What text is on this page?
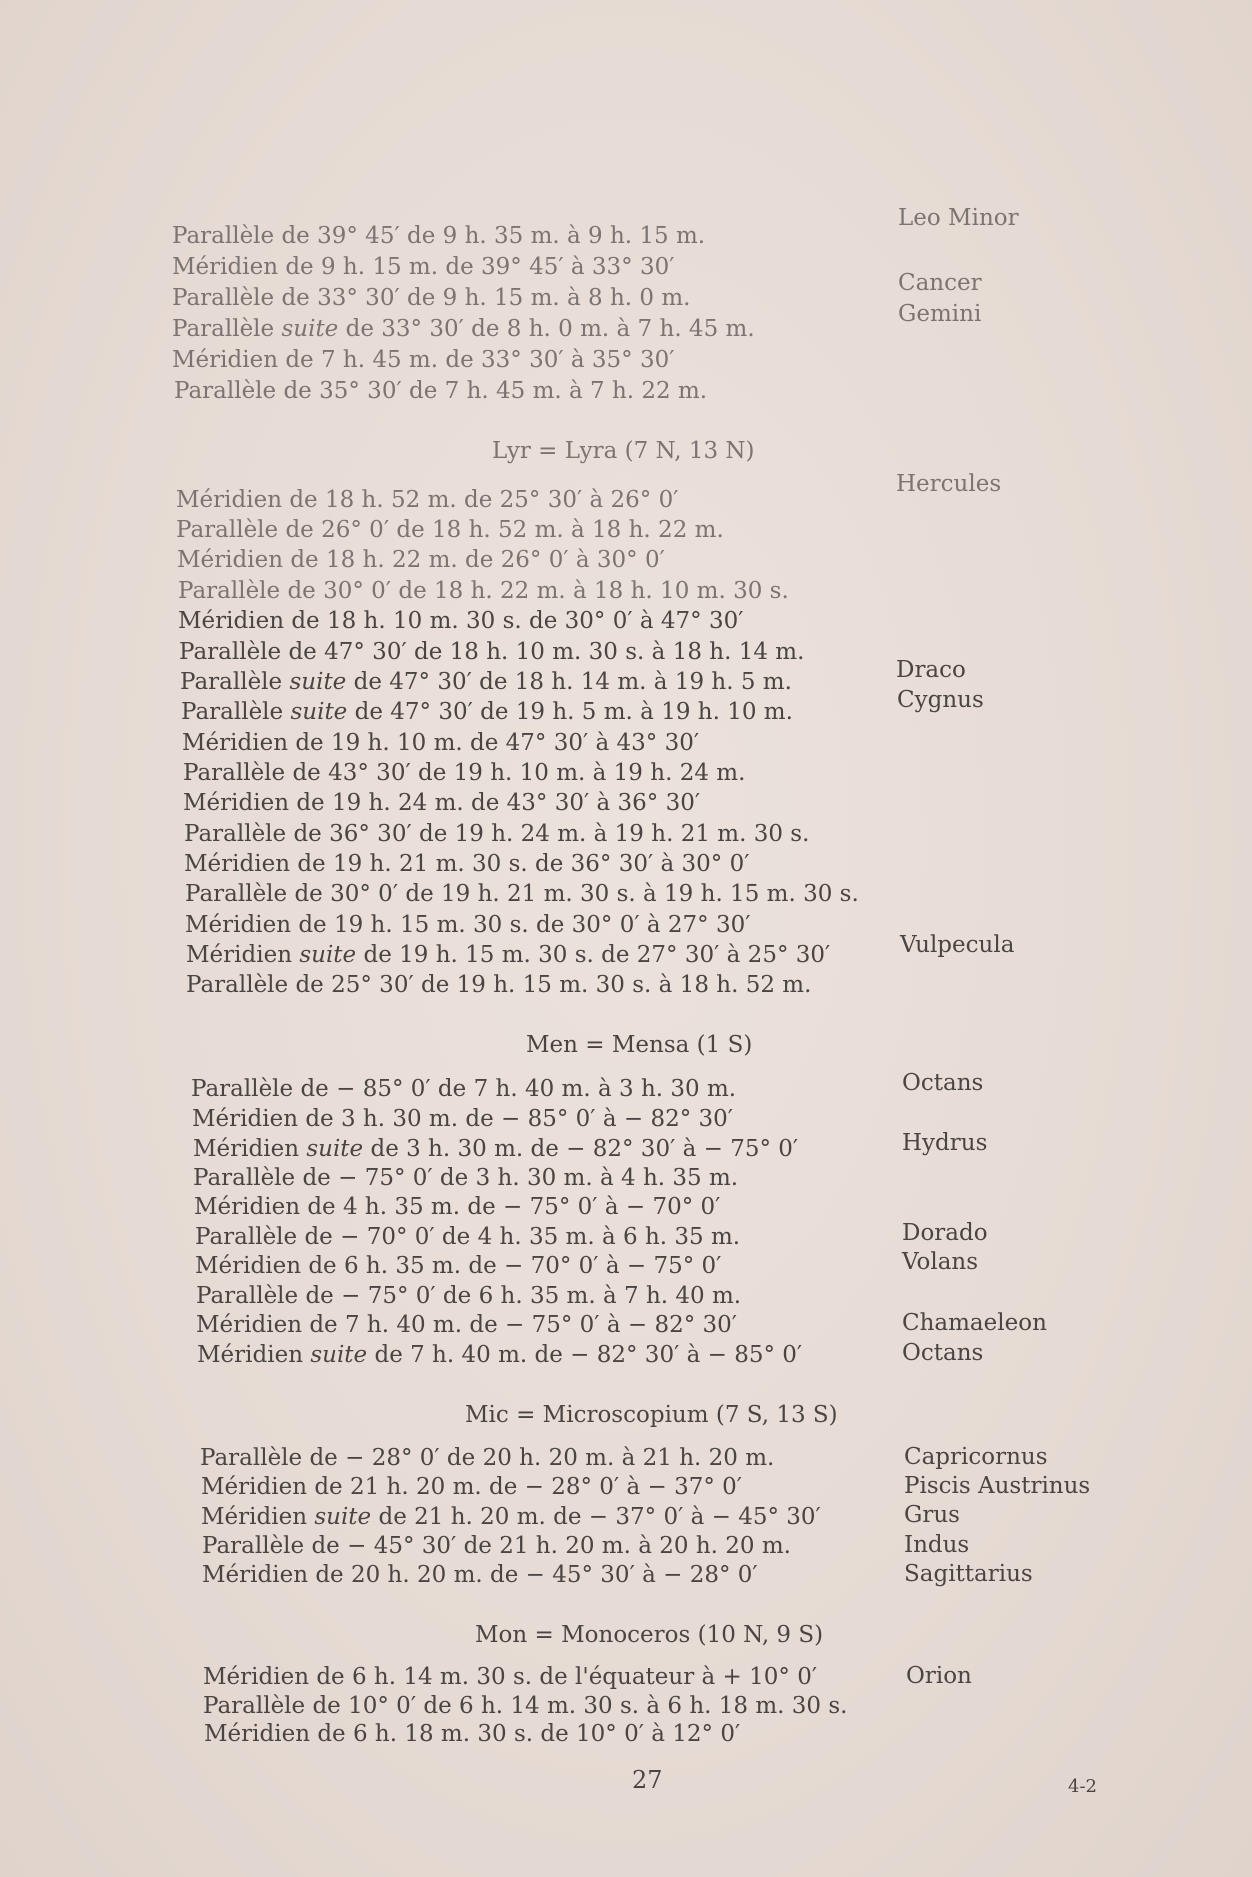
Parallèle de 39° 45′ de 9 h. 35 m. à 9 h. 15 m.
Méridien de 9 h. 15 m. de 39° 45′ à 33° 30′
Parallèle de 33° 30′ de 9 h. 15 m. à 8 h. 0 m.
Parallèle suite de 33° 30′ de 8 h. 0 m. à 7 h. 45 m.
Méridien de 7 h. 45 m. de 33° 30′ à 35° 30′
Parallèle de 35° 30′ de 7 h. 45 m. à 7 h. 22 m.
Leo Minor
Cancer
Gemini
Lyr = Lyra (7 N, 13 N)
Méridien de 18 h. 52 m. de 25° 30′ à 26° 0′
Parallèle de 26° 0′ de 18 h. 52 m. à 18 h. 22 m.
Méridien de 18 h. 22 m. de 26° 0′ à 30° 0′
Parallèle de 30° 0′ de 18 h. 22 m. à 18 h. 10 m. 30 s.
Méridien de 18 h. 10 m. 30 s. de 30° 0′ à 47° 30′
Parallèle de 47° 30′ de 18 h. 10 m. 30 s. à 18 h. 14 m.
Parallèle suite de 47° 30′ de 18 h. 14 m. à 19 h. 5 m.
Parallèle suite de 47° 30′ de 19 h. 5 m. à 19 h. 10 m.
Méridien de 19 h. 10 m. de 47° 30′ à 43° 30′
Parallèle de 43° 30′ de 19 h. 10 m. à 19 h. 24 m.
Méridien de 19 h. 24 m. de 43° 30′ à 36° 30′
Parallèle de 36° 30′ de 19 h. 24 m. à 19 h. 21 m. 30 s.
Méridien de 19 h. 21 m. 30 s. de 36° 30′ à 30° 0′
Parallèle de 30° 0′ de 19 h. 21 m. 30 s. à 19 h. 15 m. 30 s.
Méridien de 19 h. 15 m. 30 s. de 30° 0′ à 27° 30′
Méridien suite de 19 h. 15 m. 30 s. de 27° 30′ à 25° 30′
Parallèle de 25° 30′ de 19 h. 15 m. 30 s. à 18 h. 52 m.
Hercules
Draco
Cygnus
Vulpecula
Men = Mensa (1 S)
Parallèle de − 85° 0′ de 7 h. 40 m. à 3 h. 30 m.
Méridien de 3 h. 30 m. de − 85° 0′ à − 82° 30′
Méridien suite de 3 h. 30 m. de − 82° 30′ à − 75° 0′
Parallèle de − 75° 0′ de 3 h. 30 m. à 4 h. 35 m.
Méridien de 4 h. 35 m. de − 75° 0′ à − 70° 0′
Parallèle de − 70° 0′ de 4 h. 35 m. à 6 h. 35 m.
Méridien de 6 h. 35 m. de − 70° 0′ à − 75° 0′
Parallèle de − 75° 0′ de 6 h. 35 m. à 7 h. 40 m.
Méridien de 7 h. 40 m. de − 75° 0′ à − 82° 30′
Méridien suite de 7 h. 40 m. de − 82° 30′ à − 85° 0′
Octans
Hydrus
Dorado
Volans
Chamaeleon
Octans
Mic = Microscopium (7 S, 13 S)
Parallèle de − 28° 0′ de 20 h. 20 m. à 21 h. 20 m.
Méridien de 21 h. 20 m. de − 28° 0′ à − 37° 0′
Méridien suite de 21 h. 20 m. de − 37° 0′ à − 45° 30′
Parallèle de − 45° 30′ de 21 h. 20 m. à 20 h. 20 m.
Méridien de 20 h. 20 m. de − 45° 30′ à − 28° 0′
Capricornus
Piscis Austrinus
Grus
Indus
Sagittarius
Mon = Monoceros (10 N, 9 S)
Méridien de 6 h. 14 m. 30 s. de l'équateur à + 10° 0′
Parallèle de 10° 0′ de 6 h. 14 m. 30 s. à 6 h. 18 m. 30 s.
Méridien de 6 h. 18 m. 30 s. de 10° 0′ à 12° 0′
Orion
27	4-2
